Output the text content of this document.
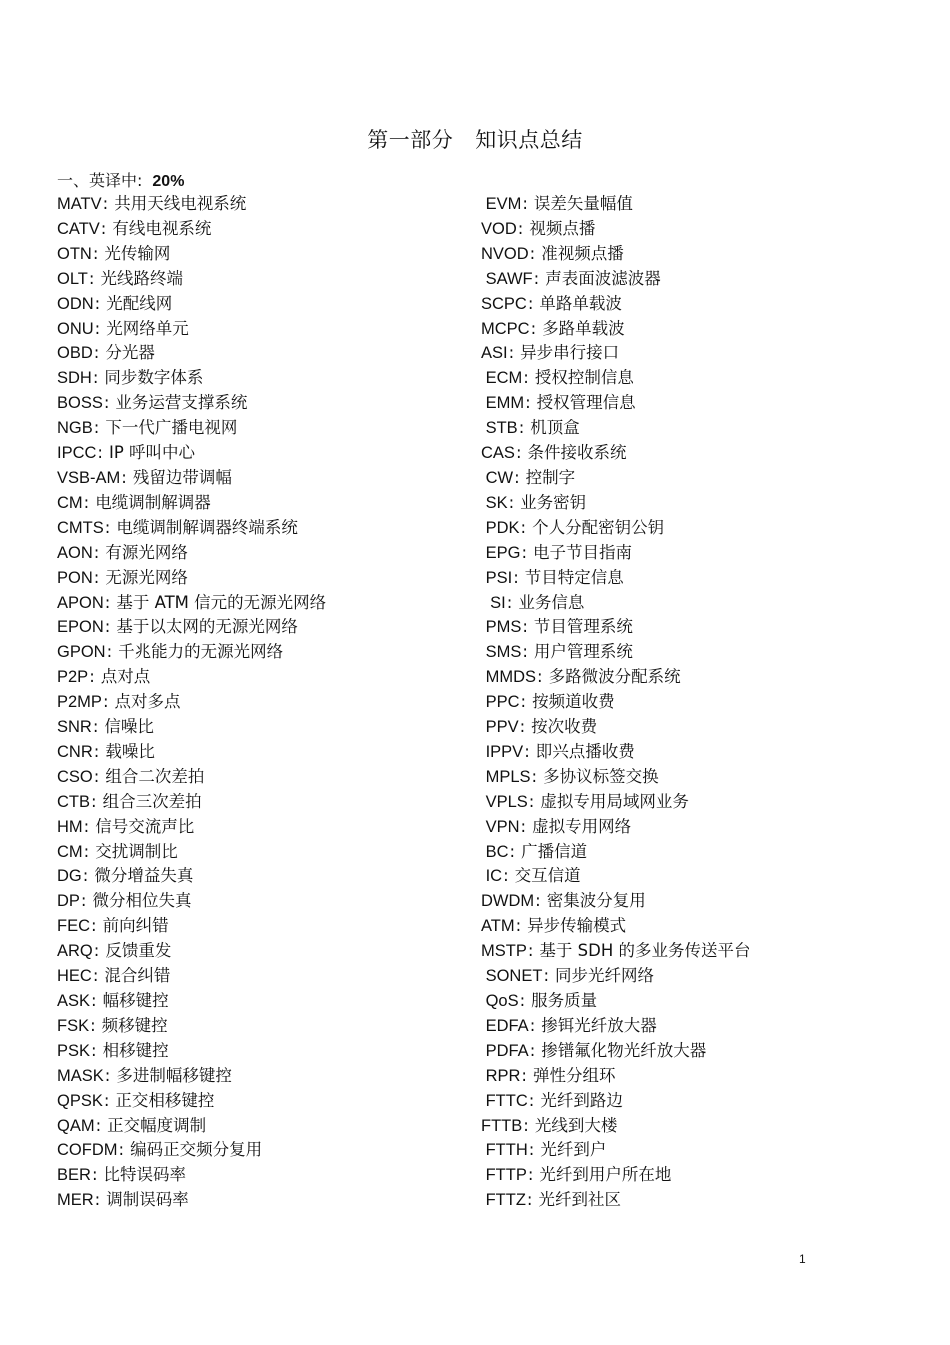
第一部分 知识点总结
一、英译中: 20%
MATV: 共用天线电视系统
CATV: 有线电视系统
OTN: 光传输网
OLT: 光线路终端
ODN: 光配线网
ONU: 光网络单元
OBD: 分光器
SDH: 同步数字体系
BOSS: 业务运营支撑系统
NGB: 下一代广播电视网
IPCC: IP 呼叫中心
VSB-AM: 残留边带调幅
CM: 电缆调制解调器
CMTS: 电缆调制解调器终端系统
AON: 有源光网络
PON: 无源光网络
APON: 基于 ATM 信元的无源光网络
EPON: 基于以太网的无源光网络
GPON: 千兆能力的无源光网络
P2P: 点对点
P2MP: 点对多点
SNR: 信噪比
CNR: 载噪比
CSO: 组合二次差拍
CTB: 组合三次差拍
HM: 信号交流声比
CM: 交扰调制比
DG: 微分增益失真
DP: 微分相位失真
FEC: 前向纠错
ARQ: 反馈重发
HEC: 混合纠错
ASK: 幅移键控
FSK: 频移键控
PSK: 相移键控
MASK: 多进制幅移键控
QPSK: 正交相移键控
QAM: 正交幅度调制
COFDM: 编码正交频分复用
BER: 比特误码率
MER: 调制误码率
EVM: 误差矢量幅值
VOD: 视频点播
NVOD: 准视频点播
SAWF: 声表面波滤波器
SCPC: 单路单载波
MCPC: 多路单载波
ASI: 异步串行接口
ECM: 授权控制信息
EMM: 授权管理信息
STB: 机顶盒
CAS: 条件接收系统
CW: 控制字
SK: 业务密钥
PDK: 个人分配密钥公钥
EPG: 电子节目指南
PSI: 节目特定信息
SI: 业务信息
PMS: 节目管理系统
SMS: 用户管理系统
MMDS: 多路微波分配系统
PPC: 按频道收费
PPV: 按次收费
IPPV: 即兴点播收费
MPLS: 多协议标签交换
VPLS: 虚拟专用局域网业务
VPN: 虚拟专用网络
BC: 广播信道
IC: 交互信道
DWDM: 密集波分复用
ATM: 异步传输模式
MSTP: 基于 SDH 的多业务传送平台
SONET: 同步光纤网络
QoS: 服务质量
EDFA: 掺铒光纤放大器
PDFA: 掺镨氟化物光纤放大器
RPR: 弹性分组环
FTTC: 光纤到路边
FTTB: 光线到大楼
FTTH: 光纤到户
FTTP: 光纤到用户所在地
FTTZ: 光纤到社区
1
